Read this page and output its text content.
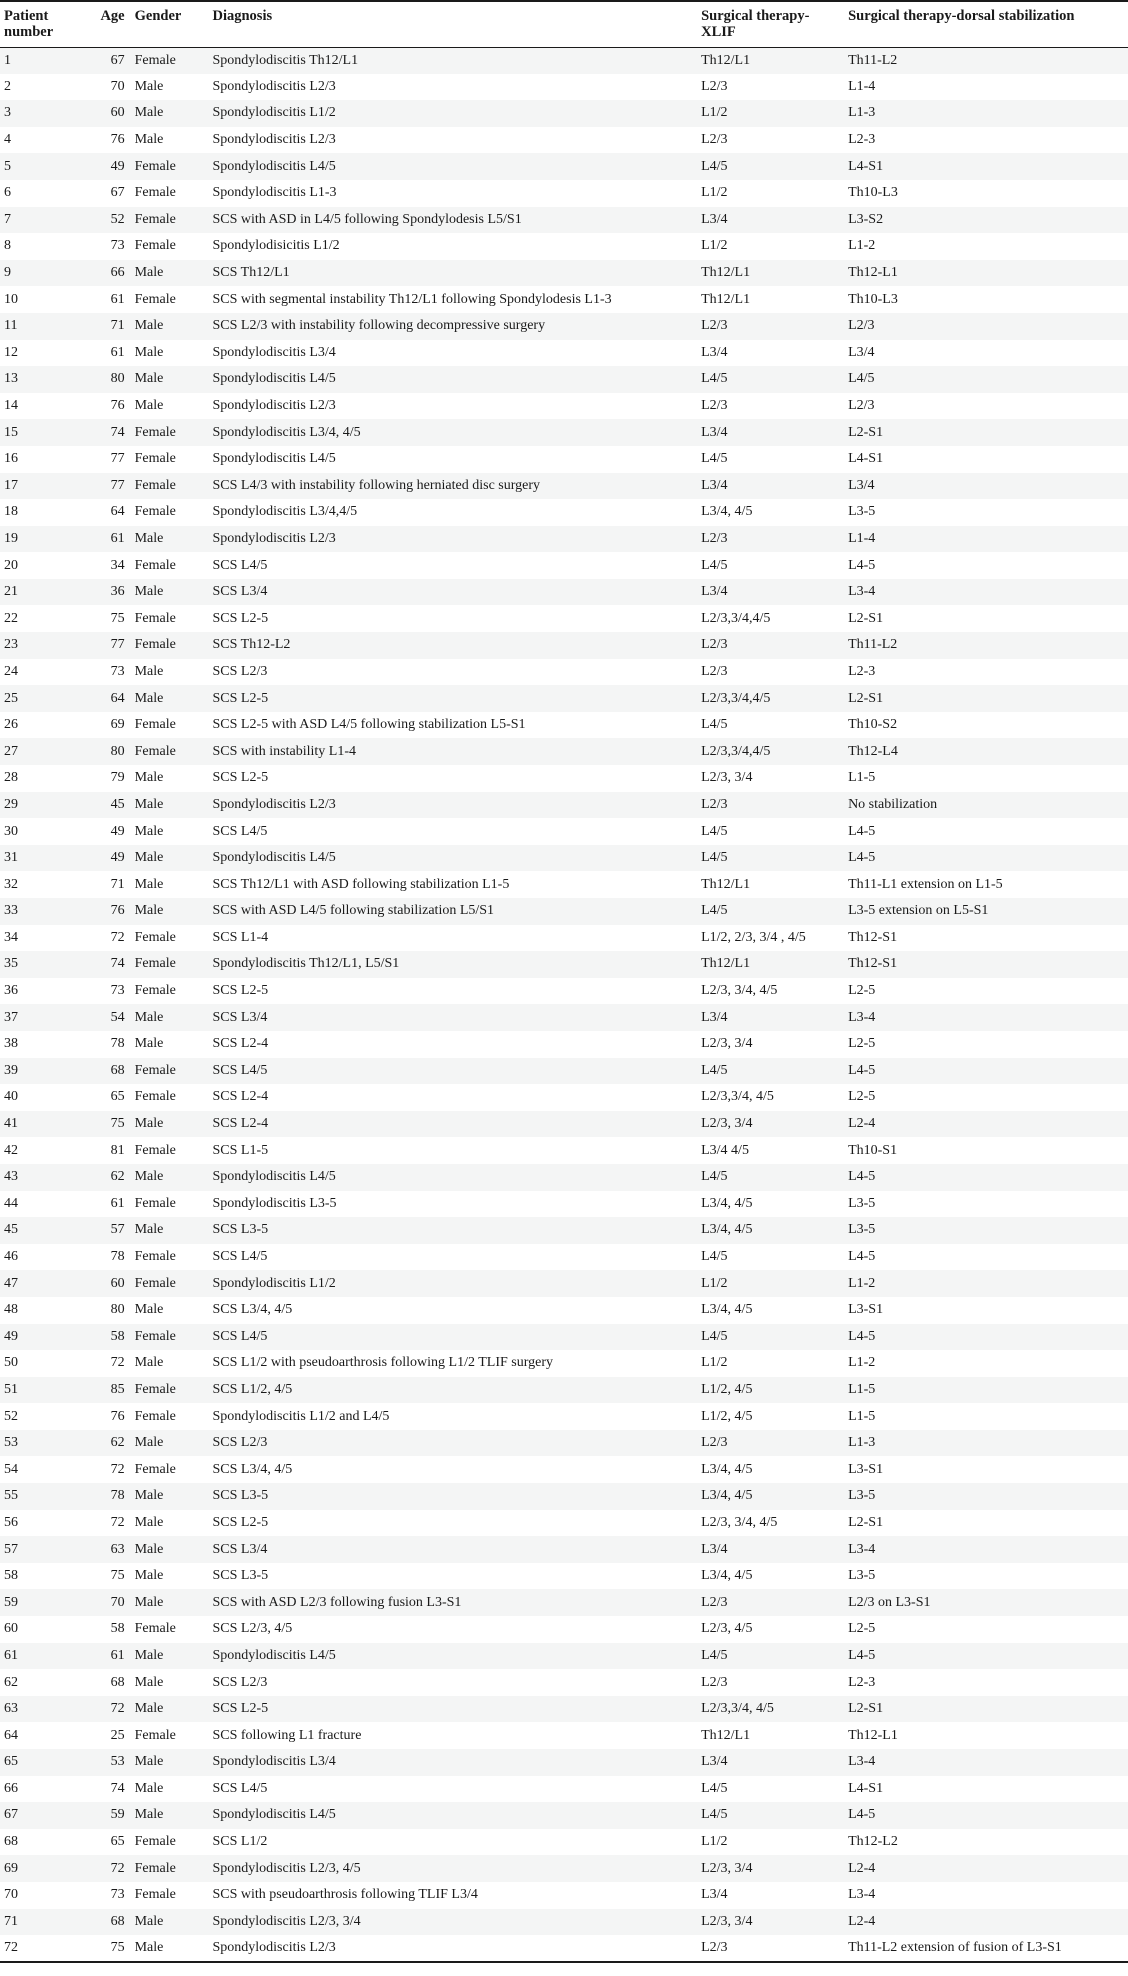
Patient number	Age	Gender	Diagnosis	Surgical therapy-XLIF	Surgical therapy-dorsal stabilization
1	67	Female	Spondylodiscitis Th12/L1	Th12/L1	Th11-L2
2	70	Male	Spondylodiscitis L2/3	L2/3	L1-4
3	60	Male	Spondylodiscitis L1/2	L1/2	L1-3
4	76	Male	Spondylodiscitis L2/3	L2/3	L2-3
5	49	Female	Spondylodiscitis L4/5	L4/5	L4-S1
6	67	Female	Spondylodiscitis L1-3	L1/2	Th10-L3
7	52	Female	SCS with ASD in L4/5 following Spondylodesis L5/S1	L3/4	L3-S2
8	73	Female	Spondylodisicitis L1/2	L1/2	L1-2
9	66	Male	SCS Th12/L1	Th12/L1	Th12-L1
10	61	Female	SCS with segmental instability Th12/L1 following Spondylodesis L1-3	Th12/L1	Th10-L3
11	71	Male	SCS L2/3 with instability following decompressive surgery	L2/3	L2/3
12	61	Male	Spondylodiscitis L3/4	L3/4	L3/4
13	80	Male	Spondylodiscitis L4/5	L4/5	L4/5
14	76	Male	Spondylodiscitis L2/3	L2/3	L2/3
15	74	Female	Spondylodiscitis L3/4, 4/5	L3/4	L2-S1
16	77	Female	Spondylodiscitis L4/5	L4/5	L4-S1
17	77	Female	SCS L4/3 with instability following herniated disc surgery	L3/4	L3/4
18	64	Female	Spondylodiscitis L3/4,4/5	L3/4, 4/5	L3-5
19	61	Male	Spondylodiscitis L2/3	L2/3	L1-4
20	34	Female	SCS L4/5	L4/5	L4-5
21	36	Male	SCS L3/4	L3/4	L3-4
22	75	Female	SCS L2-5	L2/3,3/4,4/5	L2-S1
23	77	Female	SCS Th12-L2	L2/3	Th11-L2
24	73	Male	SCS L2/3	L2/3	L2-3
25	64	Male	SCS L2-5	L2/3,3/4,4/5	L2-S1
26	69	Female	SCS L2-5 with ASD L4/5 following stabilization L5-S1	L4/5	Th10-S2
27	80	Female	SCS with instability L1-4	L2/3,3/4,4/5	Th12-L4
28	79	Male	SCS L2-5	L2/3, 3/4	L1-5
29	45	Male	Spondylodiscitis L2/3	L2/3	No stabilization
30	49	Male	SCS L4/5	L4/5	L4-5
31	49	Male	Spondylodiscitis L4/5	L4/5	L4-5
32	71	Male	SCS Th12/L1 with ASD following stabilization L1-5	Th12/L1	Th11-L1 extension on L1-5
33	76	Male	SCS with ASD L4/5 following stabilization L5/S1	L4/5	L3-5 extension on L5-S1
34	72	Female	SCS L1-4	L1/2, 2/3, 3/4 , 4/5	Th12-S1
35	74	Female	Spondylodiscitis Th12/L1, L5/S1	Th12/L1	Th12-S1
36	73	Female	SCS L2-5	L2/3, 3/4, 4/5	L2-5
37	54	Male	SCS L3/4	L3/4	L3-4
38	78	Male	SCS L2-4	L2/3, 3/4	L2-5
39	68	Female	SCS L4/5	L4/5	L4-5
40	65	Female	SCS L2-4	L2/3,3/4, 4/5	L2-5
41	75	Male	SCS L2-4	L2/3, 3/4	L2-4
42	81	Female	SCS L1-5	L3/4 4/5	Th10-S1
43	62	Male	Spondylodiscitis L4/5	L4/5	L4-5
44	61	Female	Spondylodiscitis L3-5	L3/4, 4/5	L3-5
45	57	Male	SCS L3-5	L3/4, 4/5	L3-5
46	78	Female	SCS L4/5	L4/5	L4-5
47	60	Female	Spondylodiscitis L1/2	L1/2	L1-2
48	80	Male	SCS L3/4, 4/5	L3/4, 4/5	L3-S1
49	58	Female	SCS L4/5	L4/5	L4-5
50	72	Male	SCS L1/2 with pseudoarthrosis following L1/2 TLIF surgery	L1/2	L1-2
51	85	Female	SCS L1/2, 4/5	L1/2, 4/5	L1-5
52	76	Female	Spondylodiscitis L1/2 and L4/5	L1/2, 4/5	L1-5
53	62	Male	SCS L2/3	L2/3	L1-3
54	72	Female	SCS L3/4, 4/5	L3/4, 4/5	L3-S1
55	78	Male	SCS L3-5	L3/4, 4/5	L3-5
56	72	Male	SCS L2-5	L2/3, 3/4, 4/5	L2-S1
57	63	Male	SCS L3/4	L3/4	L3-4
58	75	Male	SCS L3-5	L3/4, 4/5	L3-5
59	70	Male	SCS with ASD L2/3 following fusion L3-S1	L2/3	L2/3 on L3-S1
60	58	Female	SCS L2/3, 4/5	L2/3, 4/5	L2-5
61	61	Male	Spondylodiscitis L4/5	L4/5	L4-5
62	68	Male	SCS L2/3	L2/3	L2-3
63	72	Male	SCS L2-5	L2/3,3/4, 4/5	L2-S1
64	25	Female	SCS following L1 fracture	Th12/L1	Th12-L1
65	53	Male	Spondylodiscitis L3/4	L3/4	L3-4
66	74	Male	SCS L4/5	L4/5	L4-S1
67	59	Male	Spondylodiscitis L4/5	L4/5	L4-5
68	65	Female	SCS L1/2	L1/2	Th12-L2
69	72	Female	Spondylodiscitis L2/3, 4/5	L2/3, 3/4	L2-4
70	73	Female	SCS with pseudoarthrosis following TLIF L3/4	L3/4	L3-4
71	68	Male	Spondylodiscitis L2/3, 3/4	L2/3, 3/4	L2-4
72	75	Male	Spondylodiscitis L2/3	L2/3	Th11-L2 extension of fusion of L3-S1
